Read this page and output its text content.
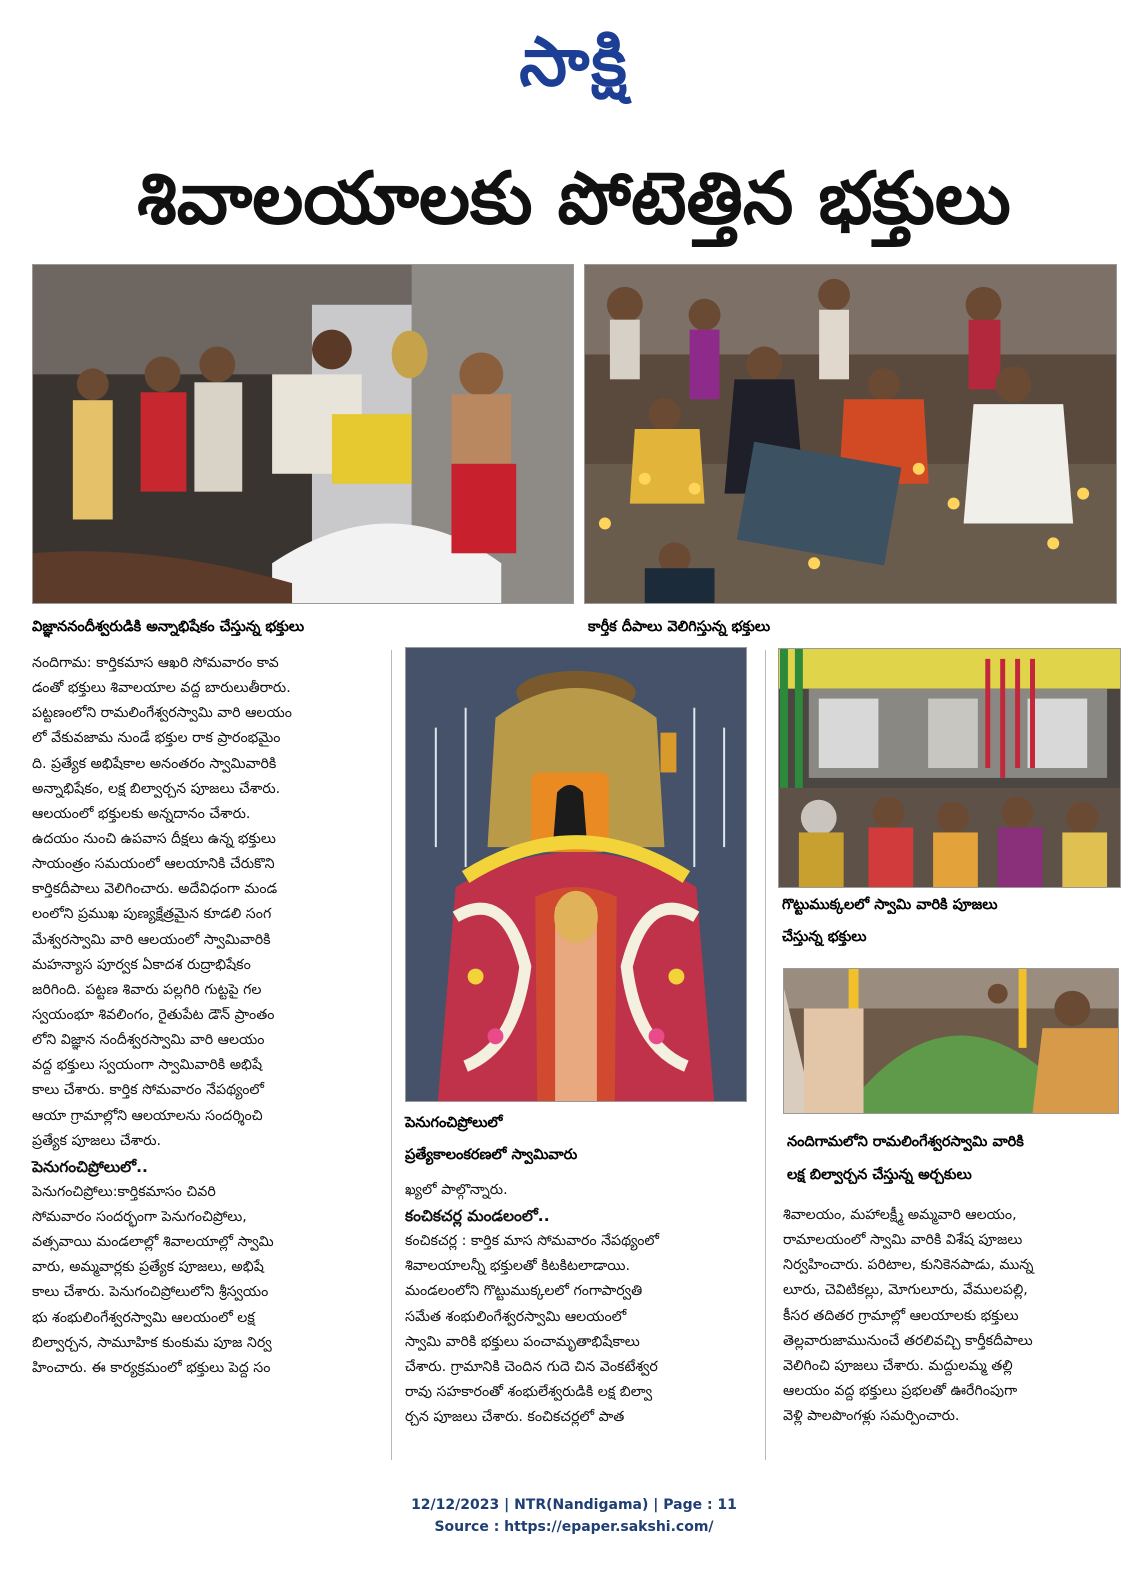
సాక్షి
శివాలయాలకు పోటెత్తిన భక్తులు
విజ్ఞాననందీశ్వరుడికి అన్నాభిషేకం చేస్తున్న భక్తులు	కార్తీక దీపాలు వెలిగిస్తున్న భక్తులు
పెనుగంచిప్రోలులో
ప్రత్యేకాలంకరణలో స్వామివారు
గొట్టుముక్కలలో స్వామి వారికి పూజలు
చేస్తున్న భక్తులు
నందిగామలోని రామలింగేశ్వరస్వామి వారికి
లక్ష బిల్వార్చన చేస్తున్న అర్చకులు
నందిగామ: కార్తికమాస ఆఖరి సోమవారం కావ
డంతో భక్తులు శివాలయాల వద్ద బారులుతీరారు.
పట్టణంలోని రామలింగేశ్వరస్వామి వారి ఆలయం
లో వేకువజామ నుండే భక్తుల రాక ప్రారంభమైం
ది. ప్రత్యేక అభిషేకాల అనంతరం స్వామివారికి
అన్నాభిషేకం, లక్ష బిల్వార్చన పూజలు చేశారు.
ఆలయంలో భక్తులకు అన్నదానం చేశారు.
ఉదయం నుంచి ఉపవాస దీక్షలు ఉన్న భక్తులు
సాయంత్రం సమయంలో ఆలయానికి చేరుకొని
కార్తికదీపాలు వెలిగించారు. అదేవిధంగా మండ
లంలోని ప్రముఖ పుణ్యక్షేత్రమైన కూడలి సంగ
మేశ్వరస్వామి వారి ఆలయంలో స్వామివారికి
మహన్యాస పూర్వక ఏకాదశ రుద్రాభిషేకం
జరిగింది. పట్టణ శివారు పల్లగిరి గుట్టపై గల
స్వయంభూ శివలింగం, రైతుపేట డౌన్ ప్రాంతం
లోని విజ్ఞాన నందీశ్వరస్వామి వారి ఆలయం
వద్ద భక్తులు స్వయంగా స్వామివారికి అభిషే
కాలు చేశారు. కార్తిక సోమవారం నేపథ్యంలో
ఆయా గ్రామాల్లోని ఆలయాలను సందర్శించి
ప్రత్యేక పూజలు చేశారు.
పెనుగంచిప్రోలులో..
పెనుగంచిప్రోలు:కార్తికమాసం చివరి
సోమవారం సందర్భంగా పెనుగంచిప్రోలు,
వత్సవాయి మండలాల్లో శివాలయాల్లో స్వామి
వారు, అమ్మవార్లకు ప్రత్యేక పూజలు, అభిషే
కాలు చేశారు. పెనుగంచిప్రోలులోని శ్రీస్వయం
భు శంభులింగేశ్వరస్వామి ఆలయంలో లక్ష
బిల్వార్చన, సామూహిక కుంకుమ పూజ నిర్వ
హించారు. ఈ కార్యక్రమంలో భక్తులు పెద్ద సం
ఖ్యలో పాల్గొన్నారు.
కంచికచర్ల మండలంలో..
కంచికచర్ల : కార్తిక మాస సోమవారం నేపథ్యంలో
శివాలయాలన్నీ భక్తులతో కిటకిటలాడాయి.
మండలంలోని గొట్టుముక్కలలో గంగాపార్వతి
సమేత శంభులింగేశ్వరస్వామి ఆలయంలో
స్వామి వారికి భక్తులు పంచామృతాభిషేకాలు
చేశారు. గ్రామానికి చెందిన గుదె చిన వెంకటేశ్వర
రావు సహకారంతో శంభులేశ్వరుడికి లక్ష బిల్వా
ర్చన పూజలు చేశారు. కంచికచర్లలో పాత
శివాలయం, మహాలక్ష్మీ అమ్మవారి ఆలయం,
రామాలయంలో స్వామి వారికి విశేష పూజలు
నిర్వహించారు. పరిటాల, కునికెనపాడు, మున్న
లూరు, చెవిటికల్లు, మోగులూరు, వేములపల్లి,
కీసర తదితర గ్రామాల్లో ఆలయాలకు భక్తులు
తెల్లవారుజామునుంచే తరలివచ్చి కార్తీకదీపాలు
వెలిగించి పూజలు చేశారు. మద్దులమ్మ తల్లి
ఆలయం వద్ద భక్తులు ప్రభలతో ఊరేగింపుగా
వెళ్లి పాలపొంగళ్లు సమర్పించారు.
12/12/2023 | NTR(Nandigama) | Page : 11
Source : https://epaper.sakshi.com/
